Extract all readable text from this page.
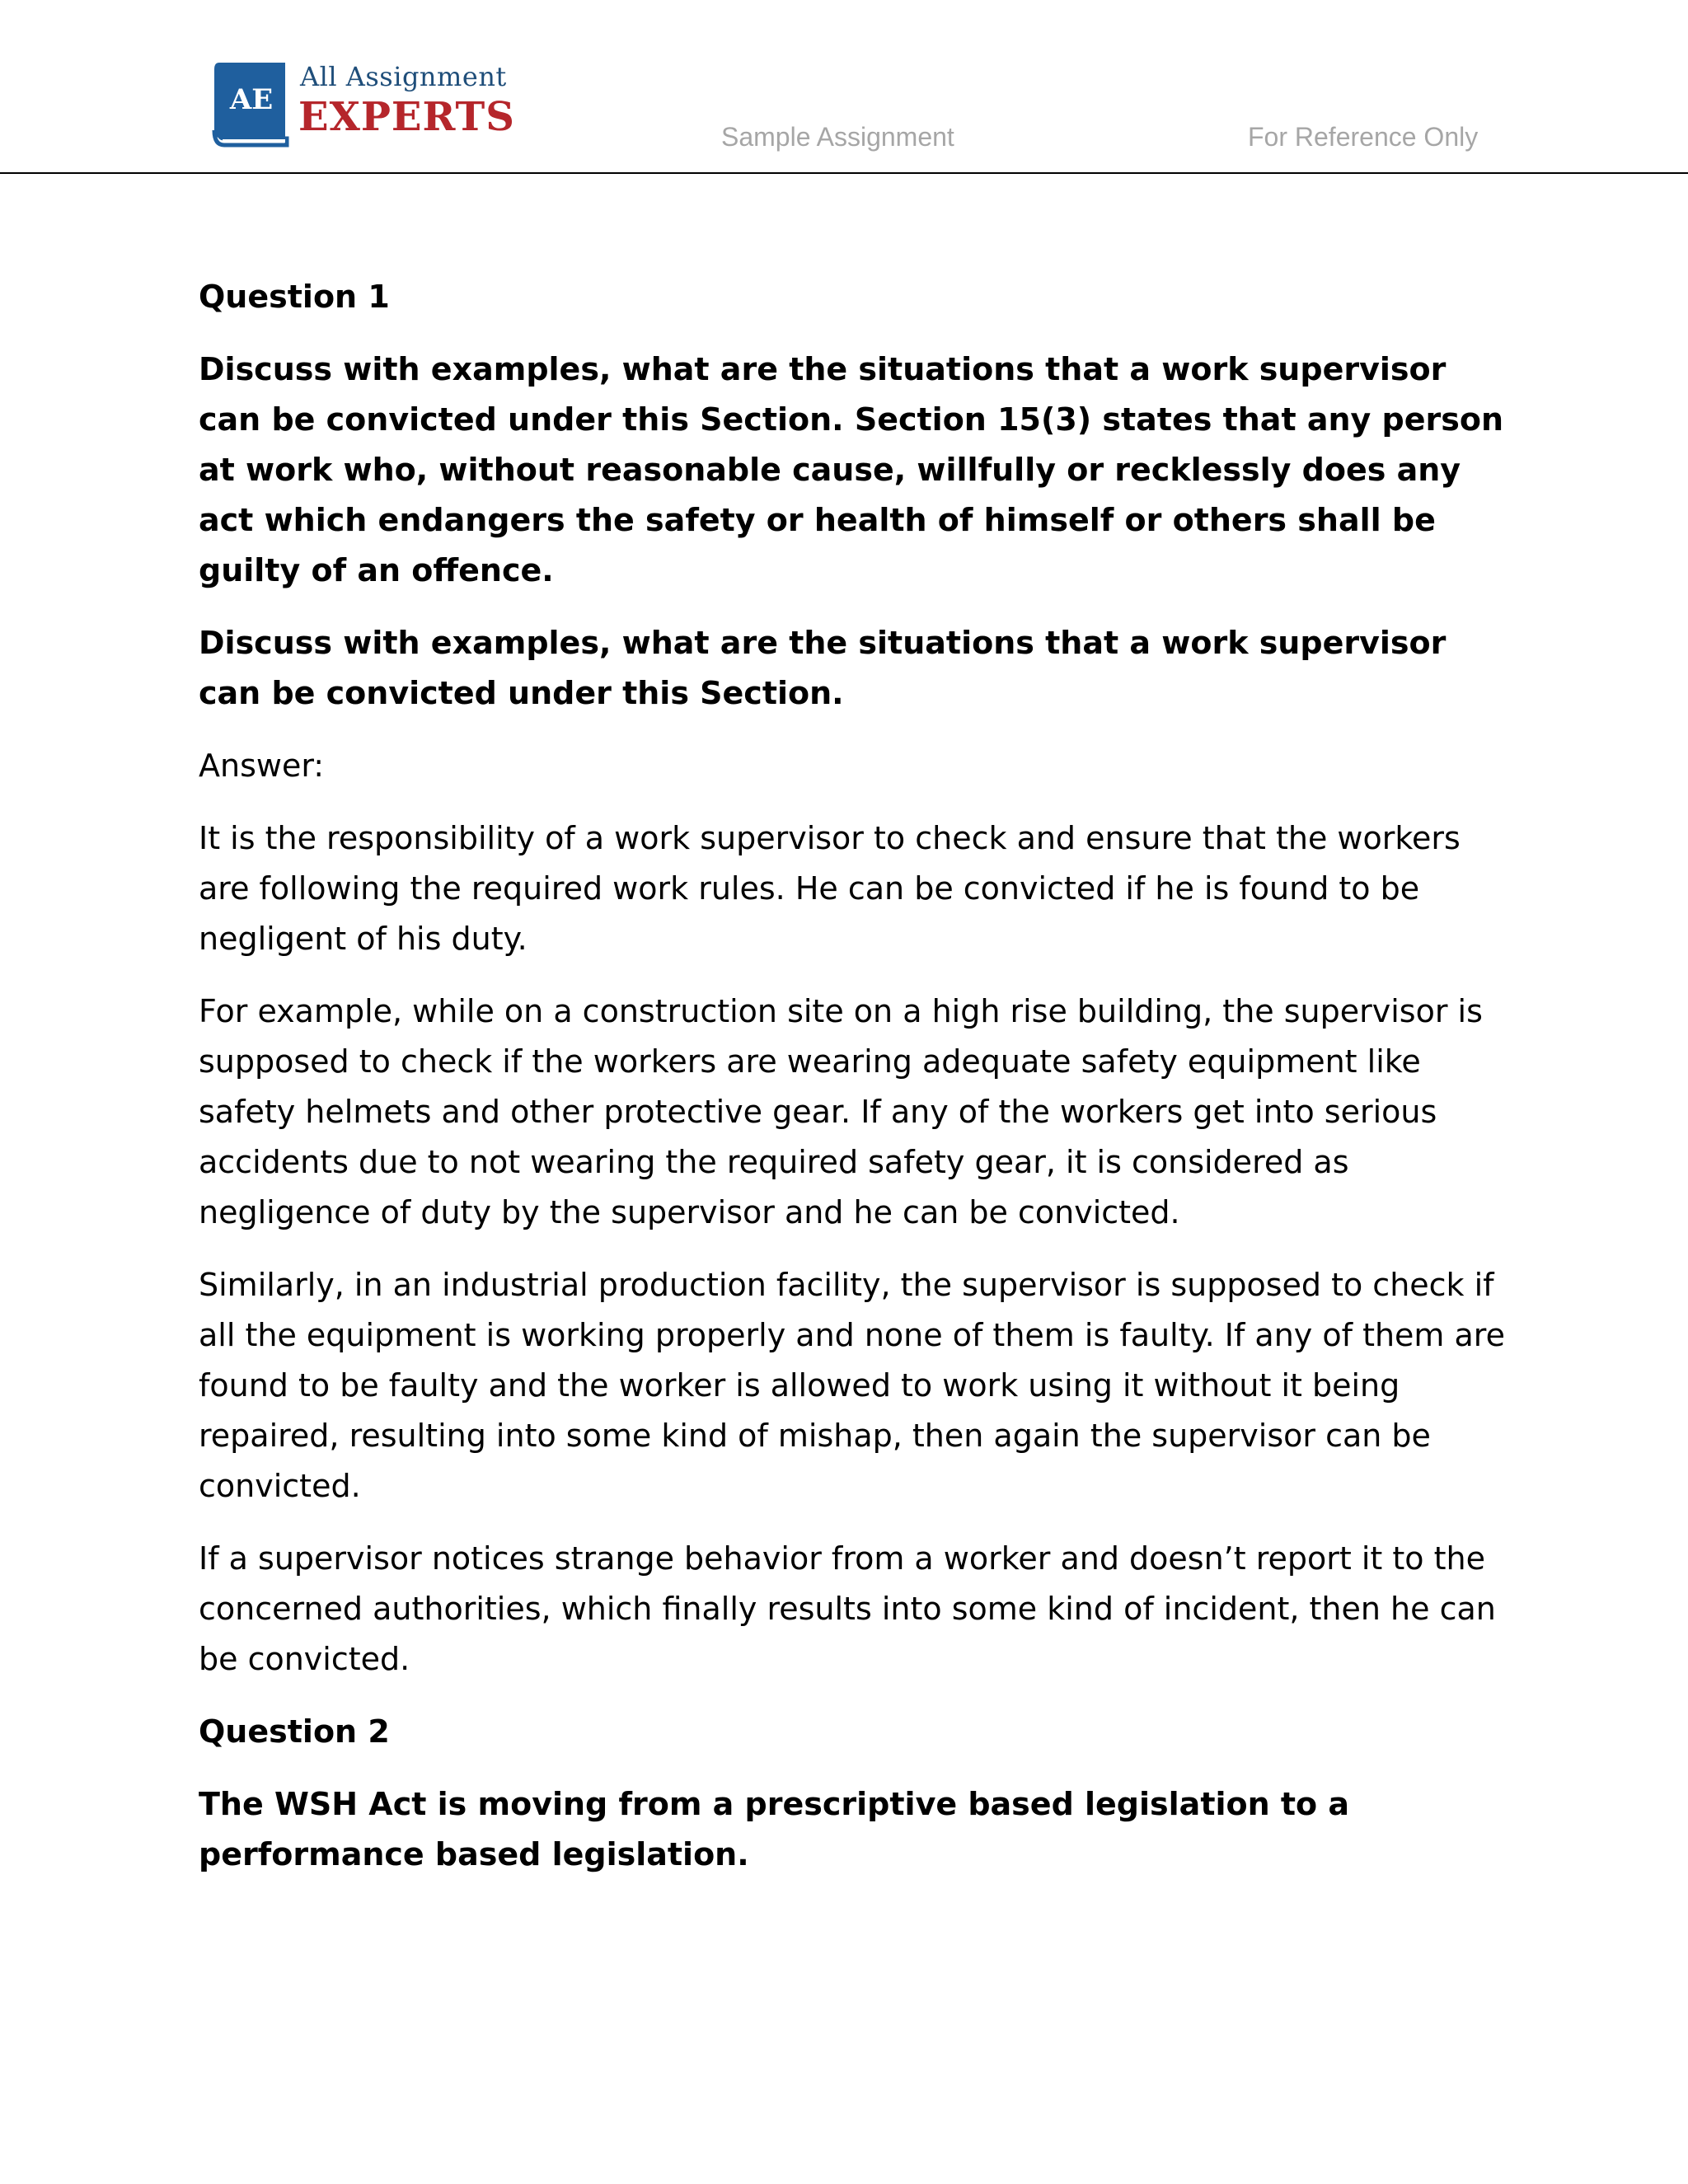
AE
All Assignment
EXPERTS	Sample Assignment	For Reference Only

Question 1

Discuss with examples, what are the situations that a work supervisor can be convicted under this Section. Section 15(3) states that any person at work who, without reasonable cause, willfully or recklessly does any act which endangers the safety or health of himself or others shall be guilty of an offence.

Discuss with examples, what are the situations that a work supervisor can be convicted under this Section.

Answer:

It is the responsibility of a work supervisor to check and ensure that the workers are following the required work rules. He can be convicted if he is found to be negligent of his duty.

For example, while on a construction site on a high rise building, the supervisor is supposed to check if the workers are wearing adequate safety equipment like safety helmets and other protective gear. If any of the workers get into serious accidents due to not wearing the required safety gear, it is considered as negligence of duty by the supervisor and he can be convicted.

Similarly, in an industrial production facility, the supervisor is supposed to check if all the equipment is working properly and none of them is faulty. If any of them are found to be faulty and the worker is allowed to work using it without it being repaired, resulting into some kind of mishap, then again the supervisor can be convicted.

If a supervisor notices strange behavior from a worker and doesn’t report it to the concerned authorities, which finally results into some kind of incident, then he can be convicted.

Question 2

The WSH Act is moving from a prescriptive based legislation to a performance based legislation.
